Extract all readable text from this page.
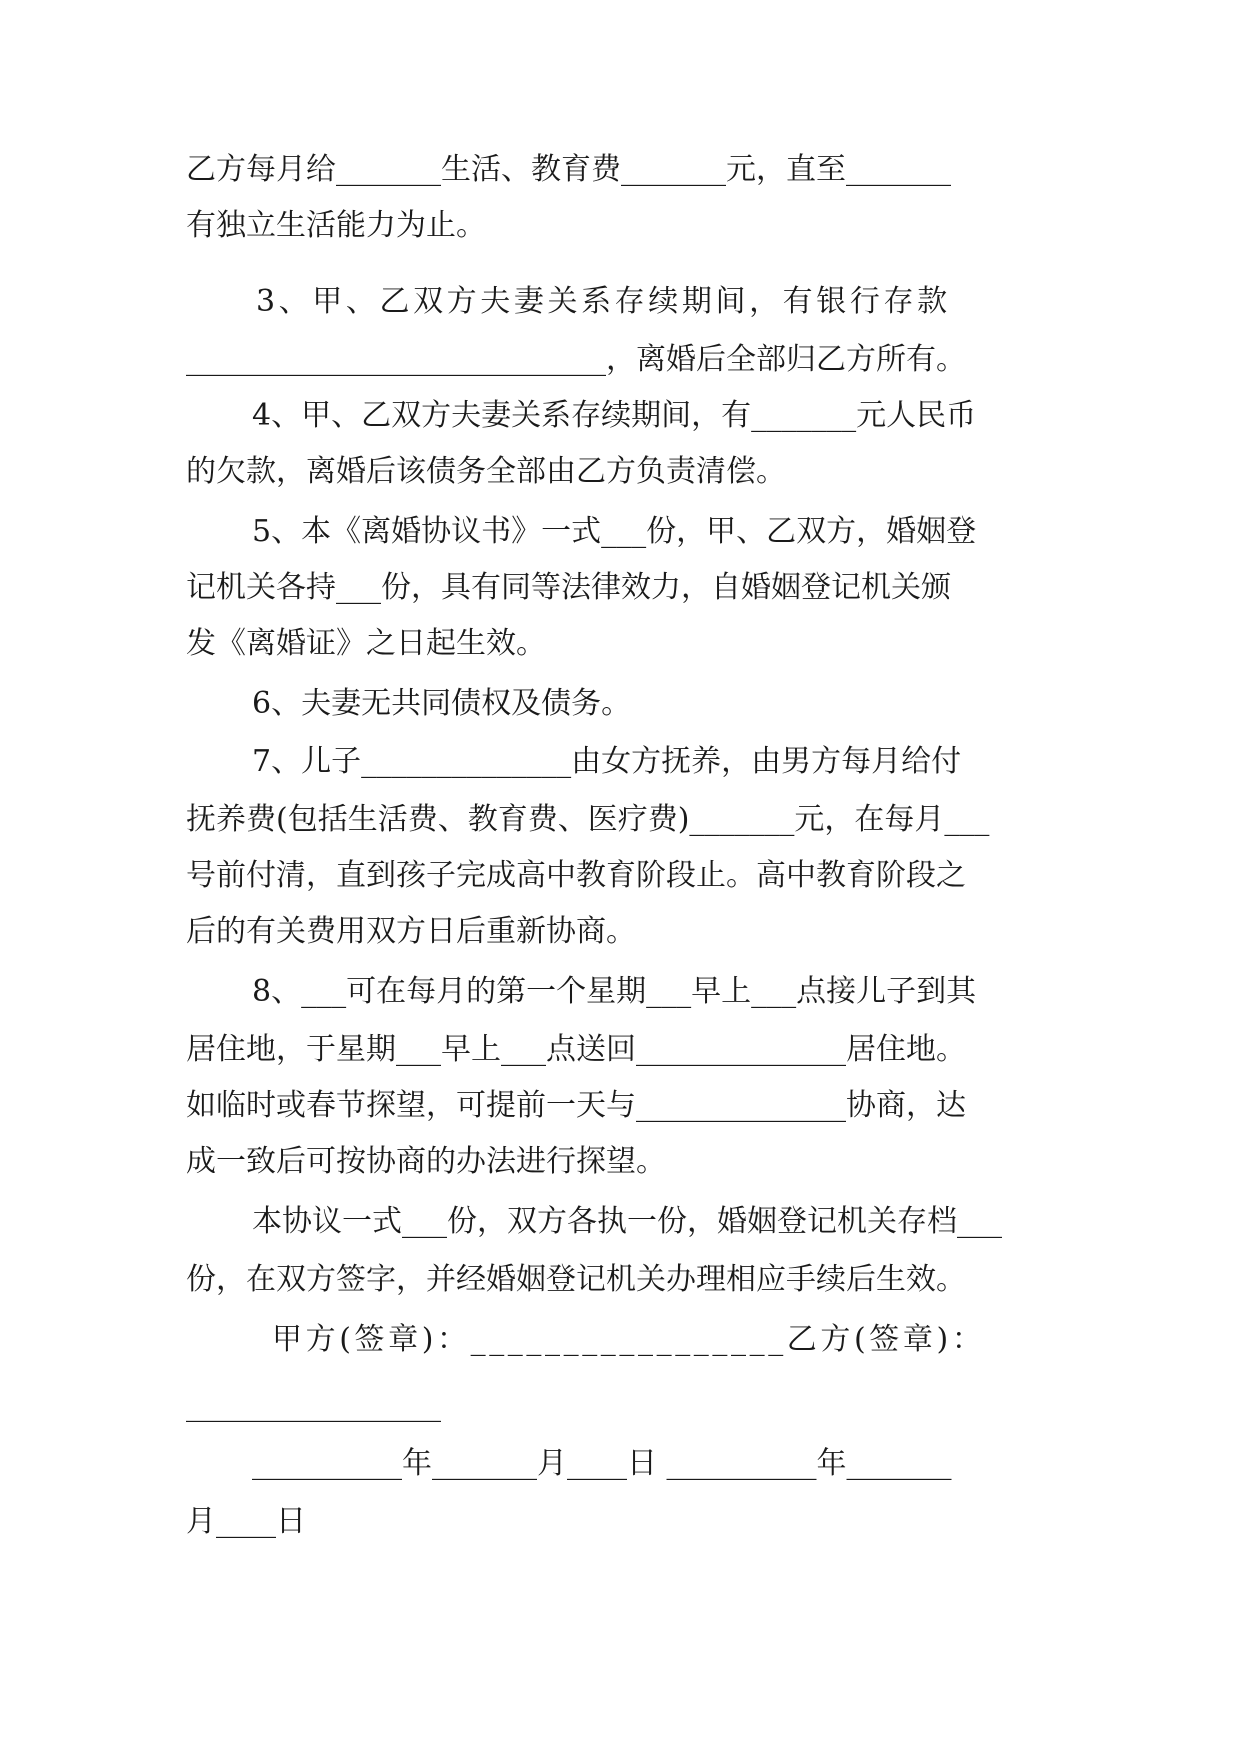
乙方每月给_______生活、教育费_______元，直至_______
有独立生活能力为止。
3、甲、乙双方夫妻关系存续期间，有银行存款
____________________________，离婚后全部归乙方所有。
4、甲、乙双方夫妻关系存续期间，有_______元人民币
的欠款，离婚后该债务全部由乙方负责清偿。
5、本《离婚协议书》一式___份，甲、乙双方，婚姻登
记机关各持___份，具有同等法律效力，自婚姻登记机关颁
发《离婚证》之日起生效。
6、夫妻无共同债权及债务。
7、儿子______________由女方抚养，由男方每月给付
抚养费(包括生活费、教育费、医疗费)_______元，在每月___
号前付清，直到孩子完成高中教育阶段止。高中教育阶段之
后的有关费用双方日后重新协商。
8、___可在每月的第一个星期___早上___点接儿子到其
居住地，于星期___早上___点送回______________居住地。
如临时或春节探望，可提前一天与______________协商，达
成一致后可按协商的办法进行探望。
本协议一式___份，双方各执一份，婚姻登记机关存档___
份，在双方签字，并经婚姻登记机关办理相应手续后生效。
甲方(签章)：_________________乙方(签章)：
_________________
__________年_______月____日 __________年_______
月____日
